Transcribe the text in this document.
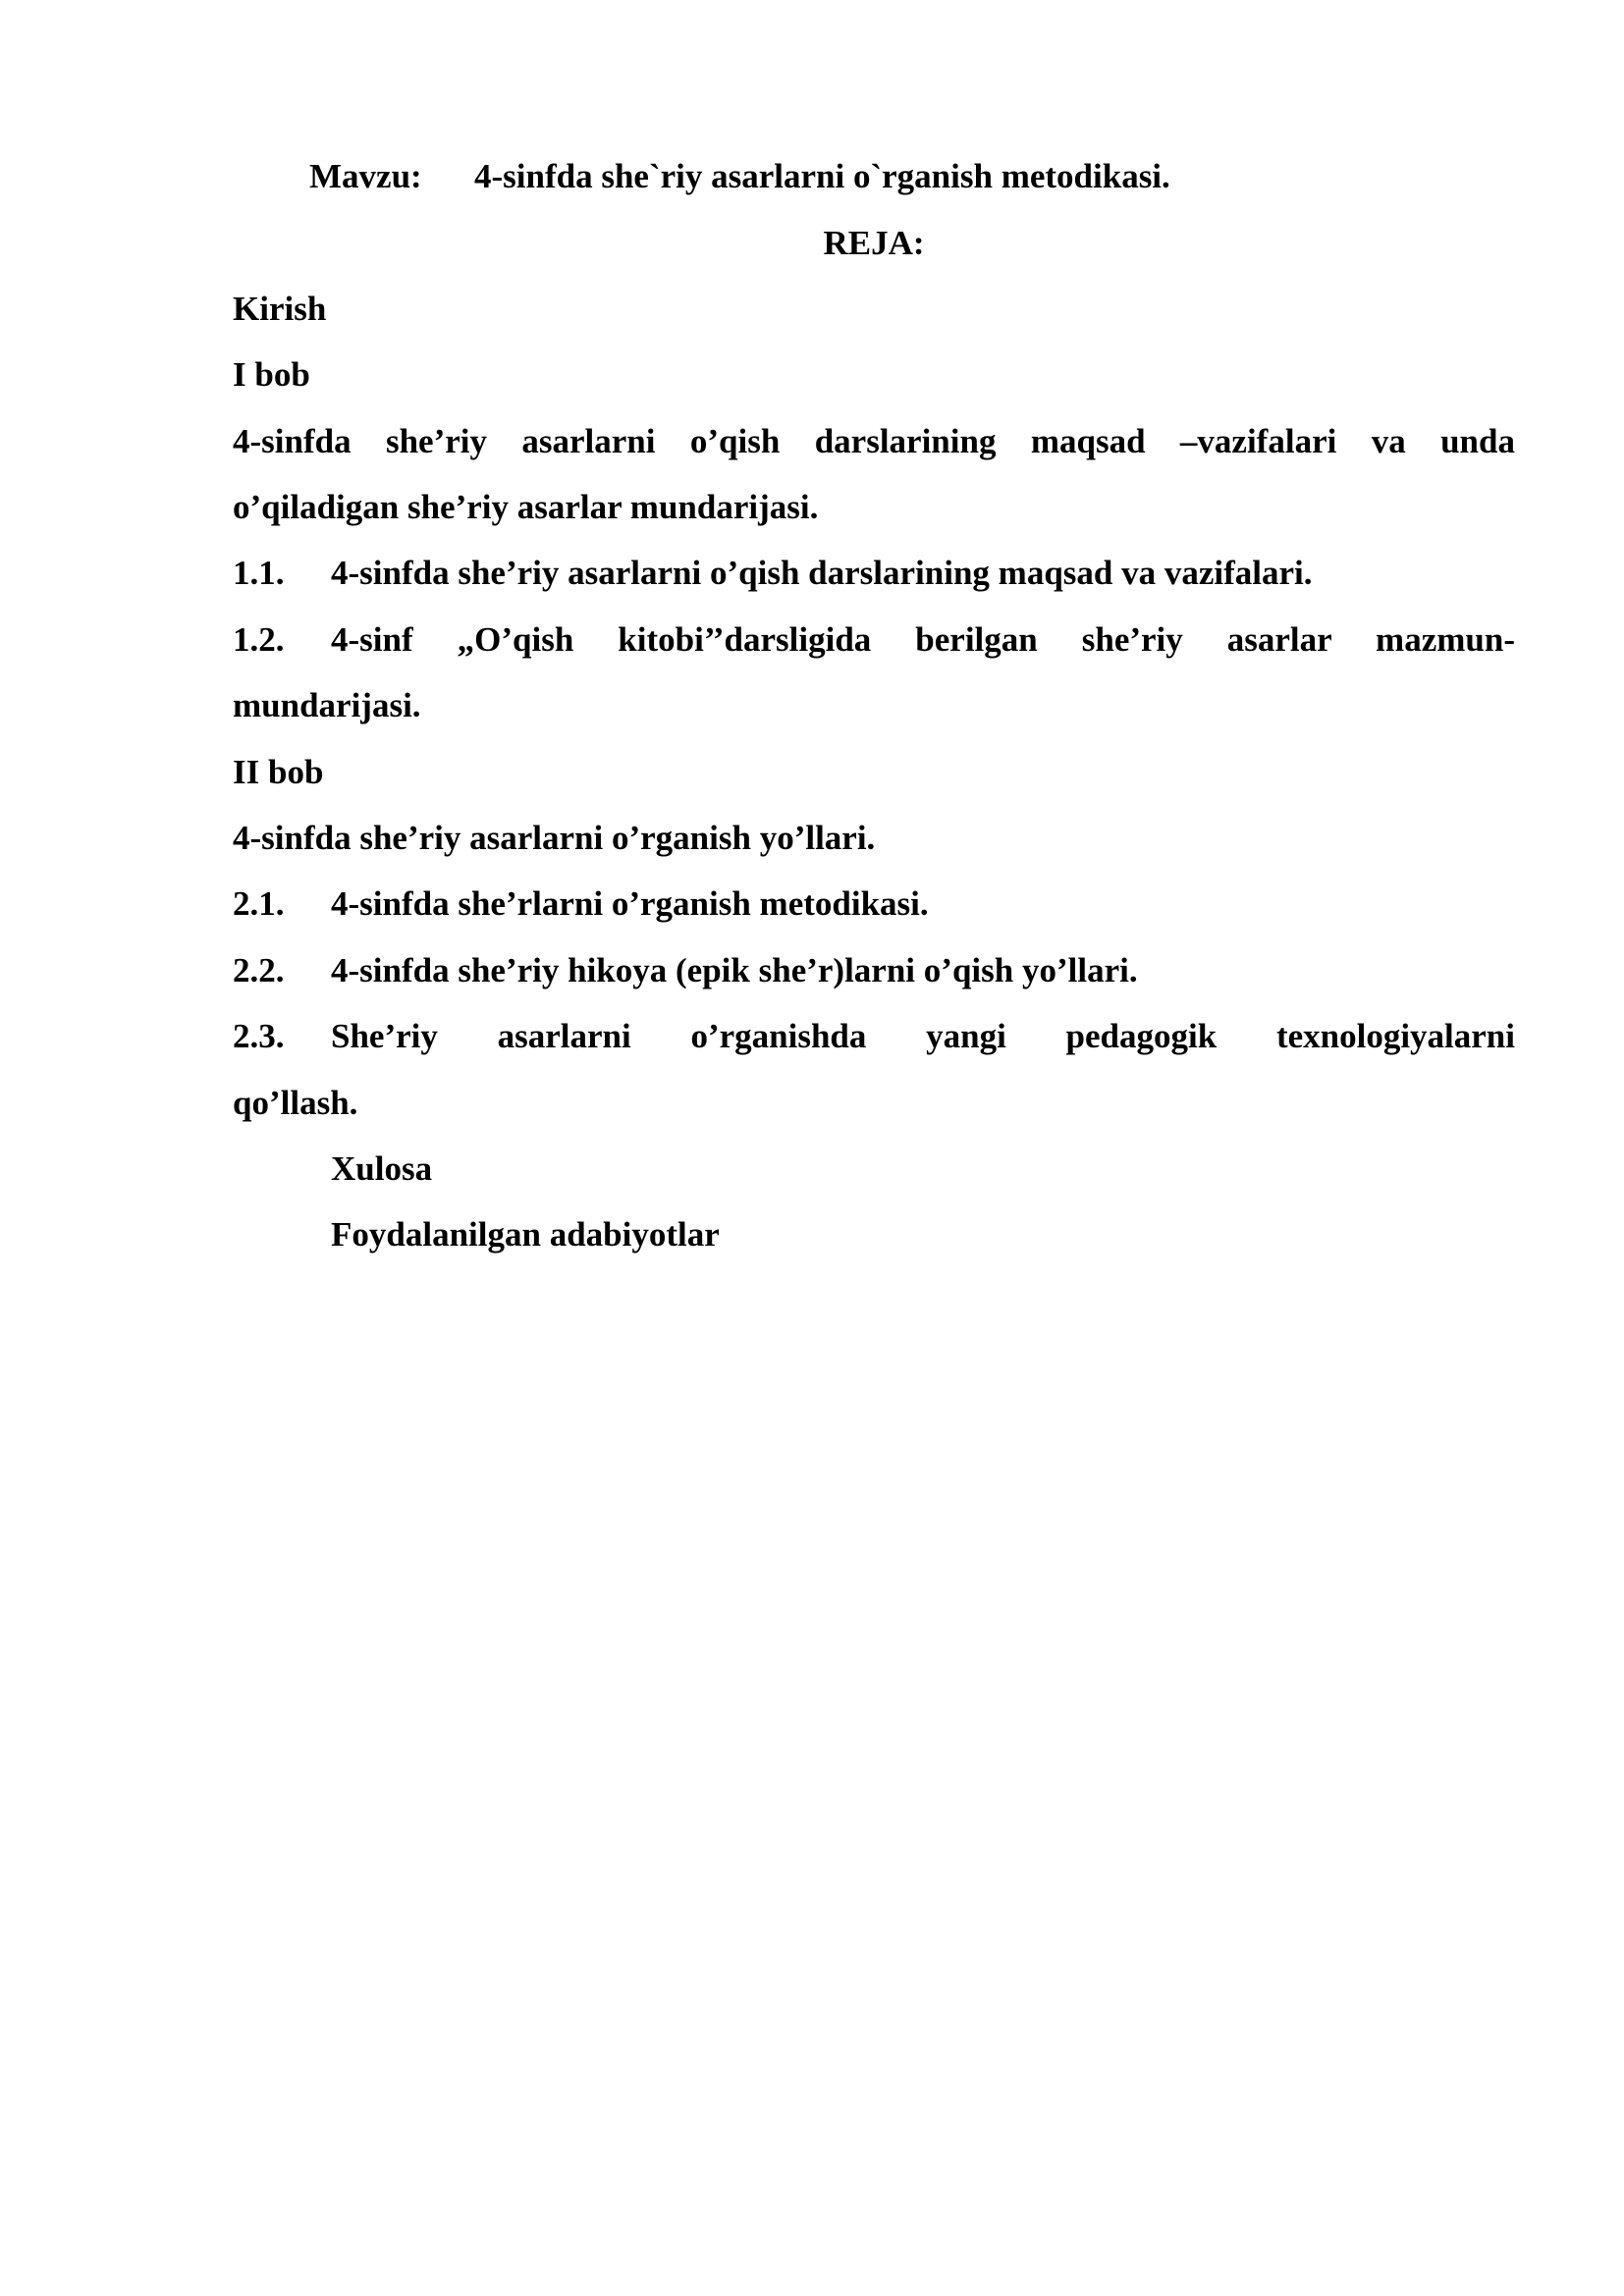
Mavzu: 4-sinfda she`riy asarlarni o`rganish metodikasi.
REJA:
Kirish
I bob
4-sinfda she’riy asarlarni o’qish darslarining maqsad –vazifalari va unda
o’qiladigan she’riy asarlar mundarijasi.
1.1.	4-sinfda she’riy asarlarni o’qish darslarining maqsad va vazifalari.
1.2.	4-sinf „O’qish kitobi’’darsligida berilgan she’riy asarlar mazmun-
mundarijasi.
II bob
4-sinfda she’riy asarlarni o’rganish yo’llari.
2.1.	4-sinfda she’rlarni o’rganish metodikasi.
2.2.	4-sinfda she’riy hikoya (epik she’r)larni o’qish yo’llari.
2.3.	She’riy asarlarni o’rganishda yangi pedagogik texnologiyalarni
qo’llash.
Xulosa
Foydalanilgan adabiyotlar
